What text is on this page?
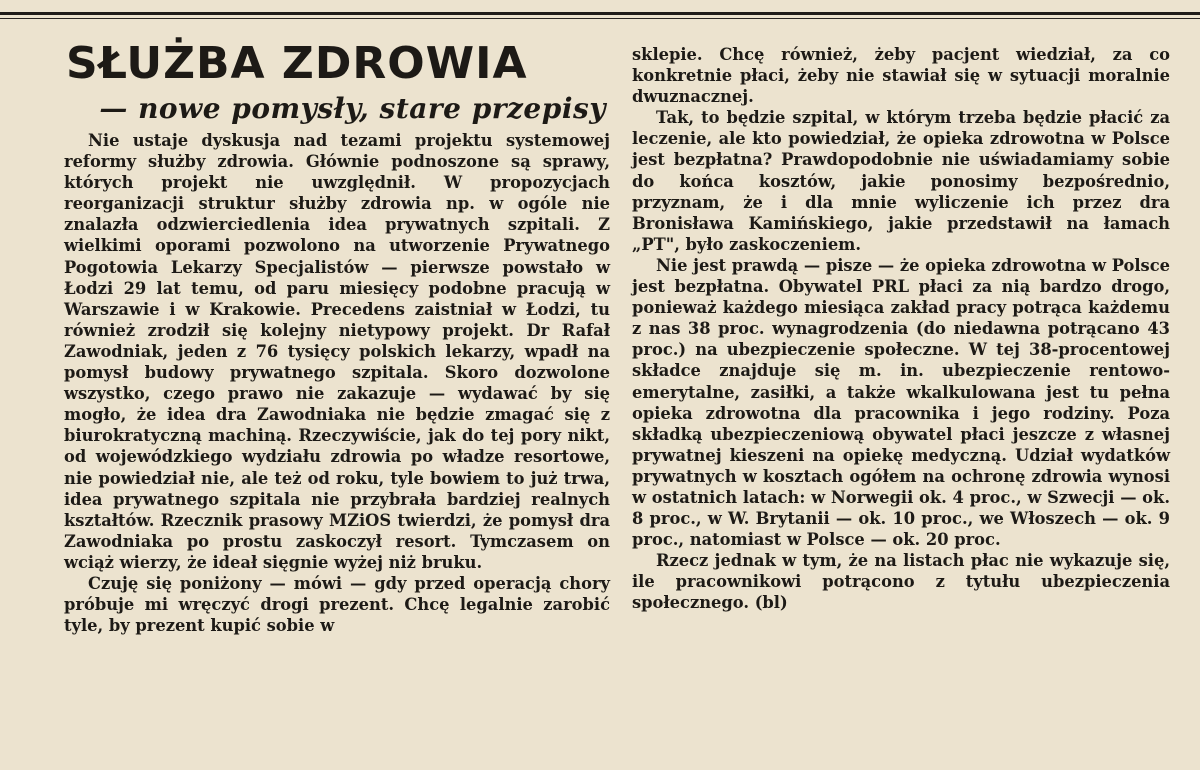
SŁUŻBA ZDROWIA
— nowe pomysły, stare przepisy

Nie ustaje dyskusja nad tezami projektu systemowej reformy służby zdrowia. Głównie podnoszone są sprawy, których projekt nie uwzględnił. W propozycjach reorganizacji struktur służby zdrowia np. w ogóle nie znalazła odzwierciedlenia idea prywatnych szpitali. Z wielkimi oporami pozwolono na utworzenie Prywatnego Pogotowia Lekarzy Specjalistów — pierwsze powstało w Łodzi 29 lat temu, od paru miesięcy podobne pracują w Warszawie i w Krakowie. Precedens zaistniał w Łodzi, tu również zrodził się kolejny nietypowy projekt. Dr Rafał Zawodniak, jeden z 76 tysięcy polskich lekarzy, wpadł na pomysł budowy prywatnego szpitala. Skoro dozwolone wszystko, czego prawo nie zakazuje — wydawać by się mogło, że idea dra Zawodniaka nie będzie zmagać się z biurokratyczną machiną. Rzeczywiście, jak do tej pory nikt, od wojewódzkiego wydziału zdrowia po władze resortowe, nie powiedział nie, ale też od roku, tyle bowiem to już trwa, idea prywatnego szpitala nie przybrała bardziej realnych kształtów. Rzecznik prasowy MZiOS twierdzi, że pomysł dra Zawodniaka po prostu zaskoczył resort. Tymczasem on wciąż wierzy, że ideał sięgnie wyżej niż bruku.

Czuję się poniżony — mówi — gdy przed operacją chory próbuje mi wręczyć drogi prezent. Chcę legalnie zarobić tyle, by prezent kupić sobie w

sklepie. Chcę również, żeby pacjent wiedział, za co konkretnie płaci, żeby nie stawiał się w sytuacji moralnie dwuznacznej.

Tak, to będzie szpital, w którym trzeba będzie płacić za leczenie, ale kto powiedział, że opieka zdrowotna w Polsce jest bezpłatna? Prawdopodobnie nie uświadamiamy sobie do końca kosztów, jakie ponosimy bezpośrednio, przyznam, że i dla mnie wyliczenie ich przez dra Bronisława Kamińskiego, jakie przedstawił na łamach „PT", było zaskoczeniem.

Nie jest prawdą — pisze — że opieka zdrowotna w Polsce jest bezpłatna. Obywatel PRL płaci za nią bardzo drogo, ponieważ każdego miesiąca zakład pracy potrąca każdemu z nas 38 proc. wynagrodzenia (do niedawna potrącano 43 proc.) na ubezpieczenie społeczne. W tej 38-procentowej składce znajduje się m. in. ubezpieczenie rentowo-emerytalne, zasiłki, a także wkalkulowana jest tu pełna opieka zdrowotna dla pracownika i jego rodziny. Poza składką ubezpieczeniową obywatel płaci jeszcze z własnej prywatnej kieszeni na opiekę medyczną. Udział wydatków prywatnych w kosztach ogółem na ochronę zdrowia wynosi w ostatnich latach: w Norwegii ok. 4 proc., w Szwecji — ok. 8 proc., w W. Brytanii — ok. 10 proc., we Włoszech — ok. 9 proc., natomiast w Polsce — ok. 20 proc.

Rzecz jednak w tym, że na listach płac nie wykazuje się, ile pracownikowi potrącono z tytułu ubezpieczenia społecznego. (bl)
